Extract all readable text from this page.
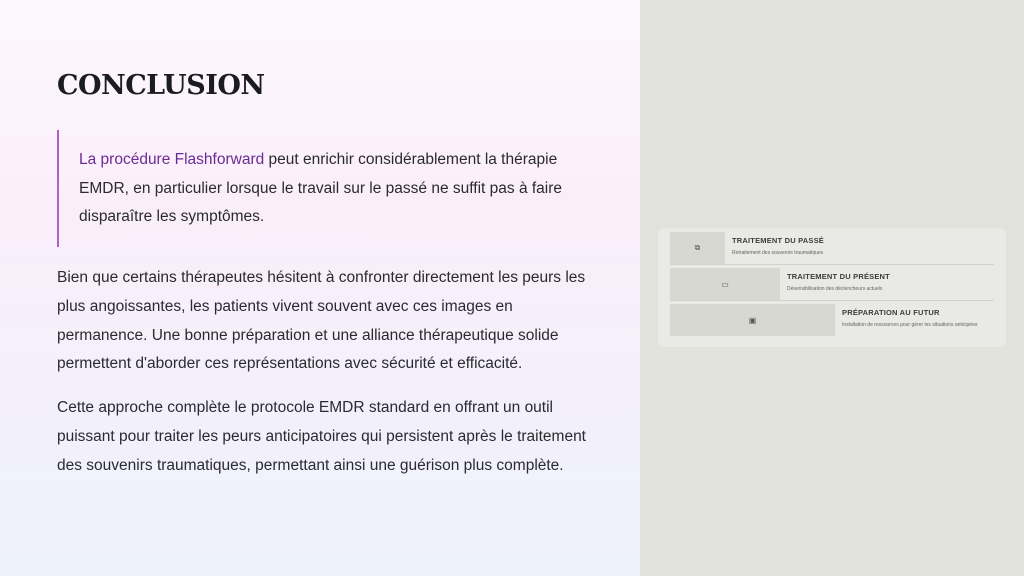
CONCLUSION
La procédure Flashforward peut enrichir considérablement la thérapie EMDR, en particulier lorsque le travail sur le passé ne suffit pas à faire disparaître les symptômes.

Bien que certains thérapeutes hésitent à confronter directement les peurs les plus angoissantes, les patients vivent souvent avec ces images en permanence. Une bonne préparation et une alliance thérapeutique solide permettent d'aborder ces représentations avec sécurité et efficacité.

Cette approche complète le protocole EMDR standard en offrant un outil puissant pour traiter les peurs anticipatoires qui persistent après le traitement des souvenirs traumatiques, permettant ainsi une guérison plus complète.

⧉
TRAITEMENT DU PASSÉ
Retraitement des souvenirs traumatiques
▭
TRAITEMENT DU PRÉSENT
Désensibilisation des déclencheurs actuels
▣
PRÉPARATION AU FUTUR
Installation de ressources pour gérer les situations anticipées
